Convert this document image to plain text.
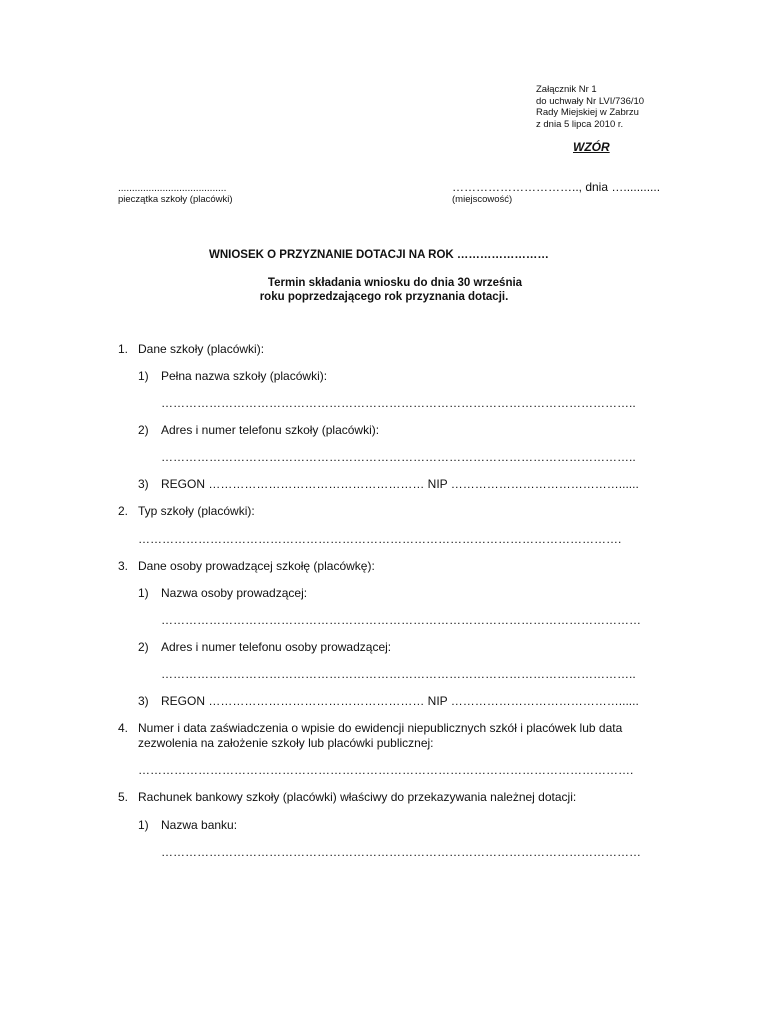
Załącznik Nr 1
do uchwały Nr LVI/736/10
Rady Miejskiej w Zabrzu
z dnia 5 lipca 2010 r.
WZÓR
.......................................
pieczątka szkoły (placówki)
………………………….., dnia …...........
(miejscowość)
WNIOSEK O PRZYZNANIE DOTACJI NA ROK ……………………
Termin składania wniosku do dnia 30 września
roku poprzedzającego rok przyznania dotacji.
1. Dane szkoły (placówki):
1) Pełna nazwa szkoły (placówki):
………………………………………………………………………………………………………..
2) Adres i numer telefonu szkoły (placówki):
………………………………………………………………………………………………………..
3) REGON ……………………………………………… NIP ……………………………………......
2. Typ szkoły (placówki):
………………………………………………………………………………………………………….
3. Dane osoby prowadzącej szkołę (placówkę):
1) Nazwa osoby prowadzącej:
…………………………………………………………………………………………………………
2) Adres i numer telefonu osoby prowadzącej:
………………………………………………………………………………………………………..
3) REGON ……………………………………………… NIP ……………………………………......
4. Numer i data zaświadczenia o wpisie do ewidencji niepublicznych szkół i placówek lub data
zezwolenia na założenie szkoły lub placówki publicznej:
…………………………………………………………………………………………………………….
5. Rachunek bankowy szkoły (placówki) właściwy do przekazywania należnej dotacji:
1) Nazwa banku:
…………………………………………………………………………………………………………
